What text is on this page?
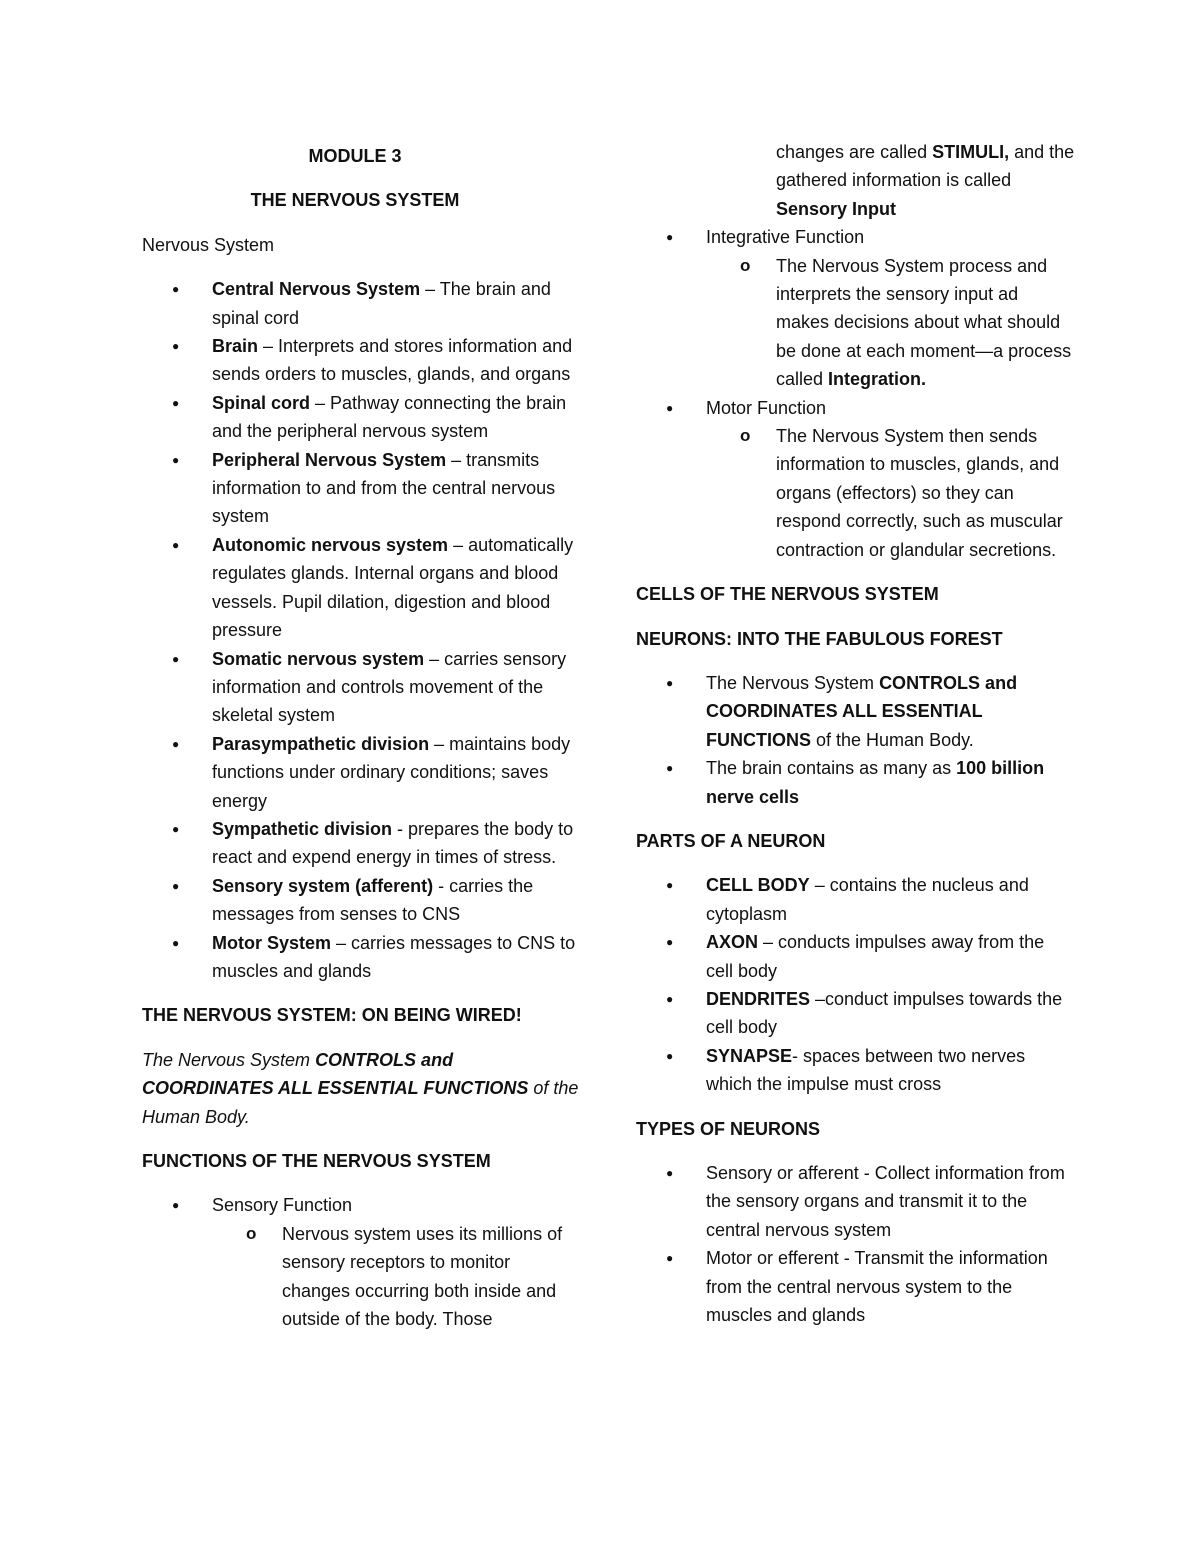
MODULE 3

THE NERVOUS SYSTEM

Nervous System

● Central Nervous System – The brain and spinal cord
● Brain – Interprets and stores information and sends orders to muscles, glands, and organs
● Spinal cord – Pathway connecting the brain and the peripheral nervous system
● Peripheral Nervous System – transmits information to and from the central nervous system
● Autonomic nervous system – automatically regulates glands. Internal organs and blood vessels. Pupil dilation, digestion and blood pressure
● Somatic nervous system – carries sensory information and controls movement of the skeletal system
● Parasympathetic division – maintains body functions under ordinary conditions; saves energy
● Sympathetic division - prepares the body to react and expend energy in times of stress.
● Sensory system (afferent) - carries the messages from senses to CNS
● Motor System – carries messages to CNS to muscles and glands

THE NERVOUS SYSTEM: ON BEING WIRED!

The Nervous System CONTROLS and COORDINATES ALL ESSENTIAL FUNCTIONS of the Human Body.

FUNCTIONS OF THE NERVOUS SYSTEM

● Sensory Function
o Nervous system uses its millions of sensory receptors to monitor changes occurring both inside and outside of the body. Those

changes are called STIMULI, and the gathered information is called Sensory Input

● Integrative Function
o The Nervous System process and interprets the sensory input ad makes decisions about what should be done at each moment—a process called Integration.
● Motor Function
o The Nervous System then sends information to muscles, glands, and organs (effectors) so they can respond correctly, such as muscular contraction or glandular secretions.

CELLS OF THE NERVOUS SYSTEM

NEURONS: INTO THE FABULOUS FOREST

● The Nervous System CONTROLS and COORDINATES ALL ESSENTIAL FUNCTIONS of the Human Body.
● The brain contains as many as 100 billion nerve cells

PARTS OF A NEURON

● CELL BODY – contains the nucleus and cytoplasm
● AXON – conducts impulses away from the cell body
● DENDRITES –conduct impulses towards the cell body
● SYNAPSE- spaces between two nerves which the impulse must cross

TYPES OF NEURONS

● Sensory or afferent - Collect information from the sensory organs and transmit it to the central nervous system
● Motor or efferent - Transmit the information from the central nervous system to the muscles and glands
